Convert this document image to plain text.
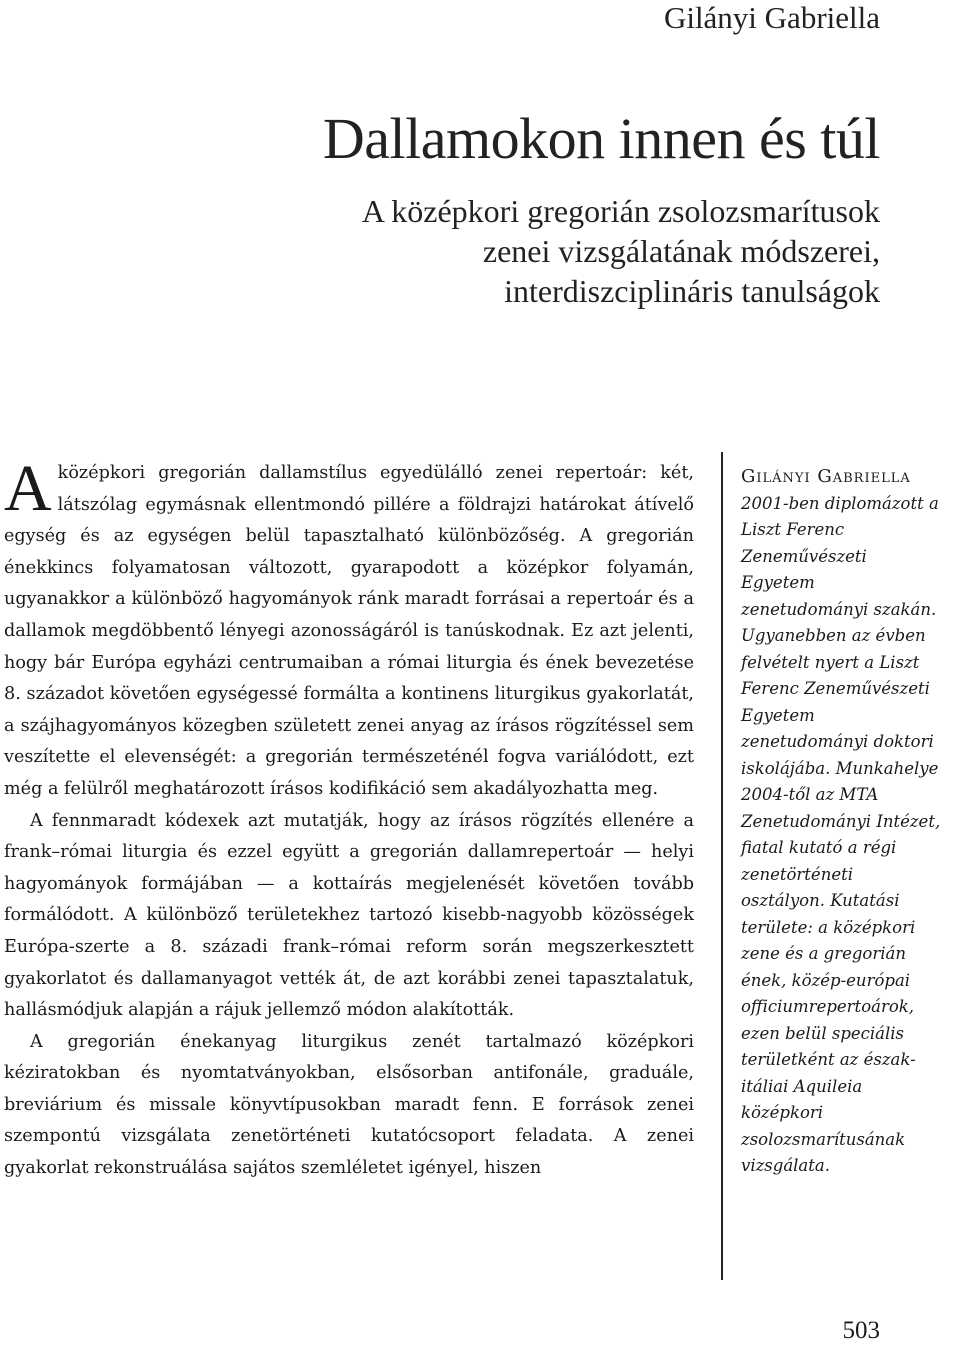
Gilányi Gabriella
Dallamokon innen és túl
A középkori gregorián zsolozsmarítusok
zenei vizsgálatának módszerei,
interdiszciplináris tanulságok

Aközépkori gregorián dallamstílus egyedülálló zenei repertoár: két, látszólag egymásnak ellentmondó pillére a földrajzi határokat átívelő egység és az egységen belül tapasztalható különbözőség. A gregorián énekkincs folyamatosan változott, gyarapodott a középkor folyamán, ugyanakkor a különböző hagyományok ránk maradt forrásai a repertoár és a dallamok megdöbbentő lényegi azonosságáról is tanúskodnak. Ez azt jelenti, hogy bár Európa egyházi centrumaiban a római liturgia és ének bevezetése 8. századot követően egységessé formálta a kontinens liturgikus gyakorlatát, a szájhagyományos közegben született zenei anyag az írásos rögzítéssel sem veszítette el elevenségét: a gregorián természeténél fogva variálódott, ezt még a felülről meghatározott írásos kodifikáció sem akadályozhatta meg.

A fennmaradt kódexek azt mutatják, hogy az írásos rögzítés ellenére a frank–római liturgia és ezzel együtt a gregorián dallamrepertoár — helyi hagyományok formájában — a kottaírás megjelenését követően tovább formálódott. A különböző területekhez tartozó kisebb-nagyobb közösségek Európa-szerte a 8. századi frank–római reform során megszerkesztett gyakorlatot és dallamanyagot vették át, de azt korábbi zenei tapasztalatuk, hallásmódjuk alapján a rájuk jellemző módon alakították.

A gregorián énekanyag liturgikus zenét tartalmazó középkori kéziratokban és nyomtatványokban, elsősorban antifonále, graduále, breviárium és missale könyvtípusokban maradt fenn. E források zenei szempontú vizsgálata zenetörténeti kutatócsoport feladata. A zenei gyakorlat rekonstruálása sajátos szemléletet igényel, hiszen

Gilányi Gabriella
2001-ben diplomázott a Liszt Ferenc Zeneművészeti Egyetem zenetudományi szakán. Ugyanebben az évben felvételt nyert a Liszt Ferenc Zeneművészeti Egyetem zenetudományi doktori iskolájába. Munkahelye 2004-től az MTA Zenetudományi Intézet, fiatal kutató a régi zenetörténeti osztályon. Kutatási területe: a középkori zene és a gregorián ének, közép-európai officiumrepertoárok, ezen belül speciális területként az észak-itáliai Aquileia középkori zsolozsmarítusának vizsgálata.
503
